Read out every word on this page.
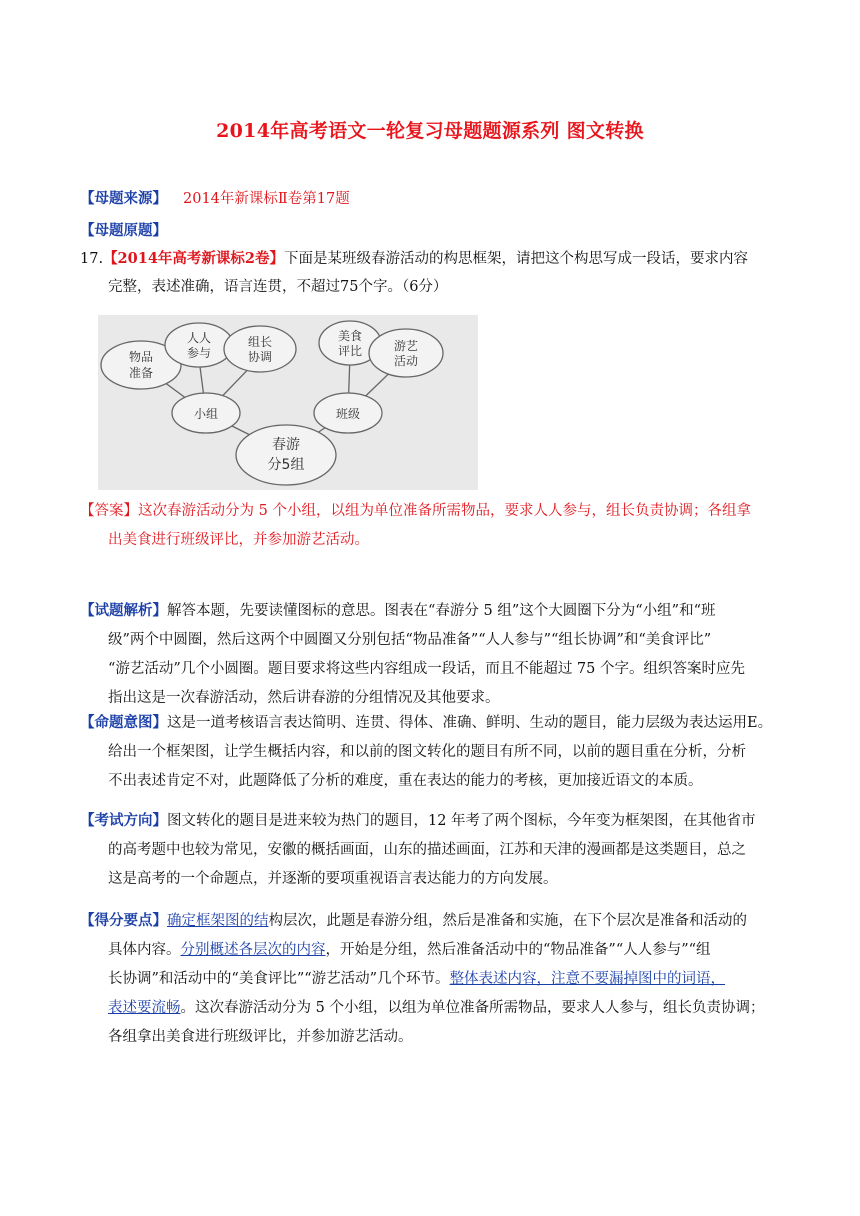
2014年高考语文一轮复习母题题源系列 图文转换
【母题来源】 2014年新课标Ⅱ卷第17题
【母题原题】
17.【2014年高考新课标2卷】下面是某班级春游活动的构思框架，请把这个构思写成一段话，要求内容
完整，表述准确，语言连贯，不超过75个字。（6分）
物品
准备
人人
参与
组长
协调
美食
评比	游艺
活动
小组	班级
春游
分5组
【答案】这次春游活动分为 5 个小组，以组为单位准备所需物品，要求人人参与，组长负责协调；各组拿
出美食进行班级评比，并参加游艺活动。
【试题解析】解答本题，先要读懂图标的意思。图表在“春游分 5 组”这个大圆圈下分为“小组”和“班
级”两个中圆圈，然后这两个中圆圈又分别包括“物品准备”“人人参与”“组长协调”和“美食评比”
“游艺活动”几个小圆圈。题目要求将这些内容组成一段话，而且不能超过 75 个字。组织答案时应先
指出这是一次春游活动，然后讲春游的分组情况及其他要求。
【命题意图】这是一道考核语言表达简明、连贯、得体、准确、鲜明、生动的题目，能力层级为表达运用E。
给出一个框架图，让学生概括内容，和以前的图文转化的题目有所不同，以前的题目重在分析，分析
不出表述肯定不对，此题降低了分析的难度，重在表达的能力的考核，更加接近语文的本质。
【考试方向】图文转化的题目是进来较为热门的题目，12 年考了两个图标，今年变为框架图，在其他省市
的高考题中也较为常见，安徽的概括画面，山东的描述画面，江苏和天津的漫画都是这类题目，总之
这是高考的一个命题点，并逐渐的要项重视语言表达能力的方向发展。
【得分要点】确定框架图的结构层次，此题是春游分组，然后是准备和实施，在下个层次是准备和活动的
具体内容。分别概述各层次的内容，开始是分组，然后准备活动中的“物品准备”“人人参与”“组
长协调”和活动中的“美食评比”“游艺活动”几个环节。整体表述内容，注意不要漏掉图中的词语，
表述要流畅。这次春游活动分为 5 个小组，以组为单位准备所需物品，要求人人参与，组长负责协调；
各组拿出美食进行班级评比，并参加游艺活动。
